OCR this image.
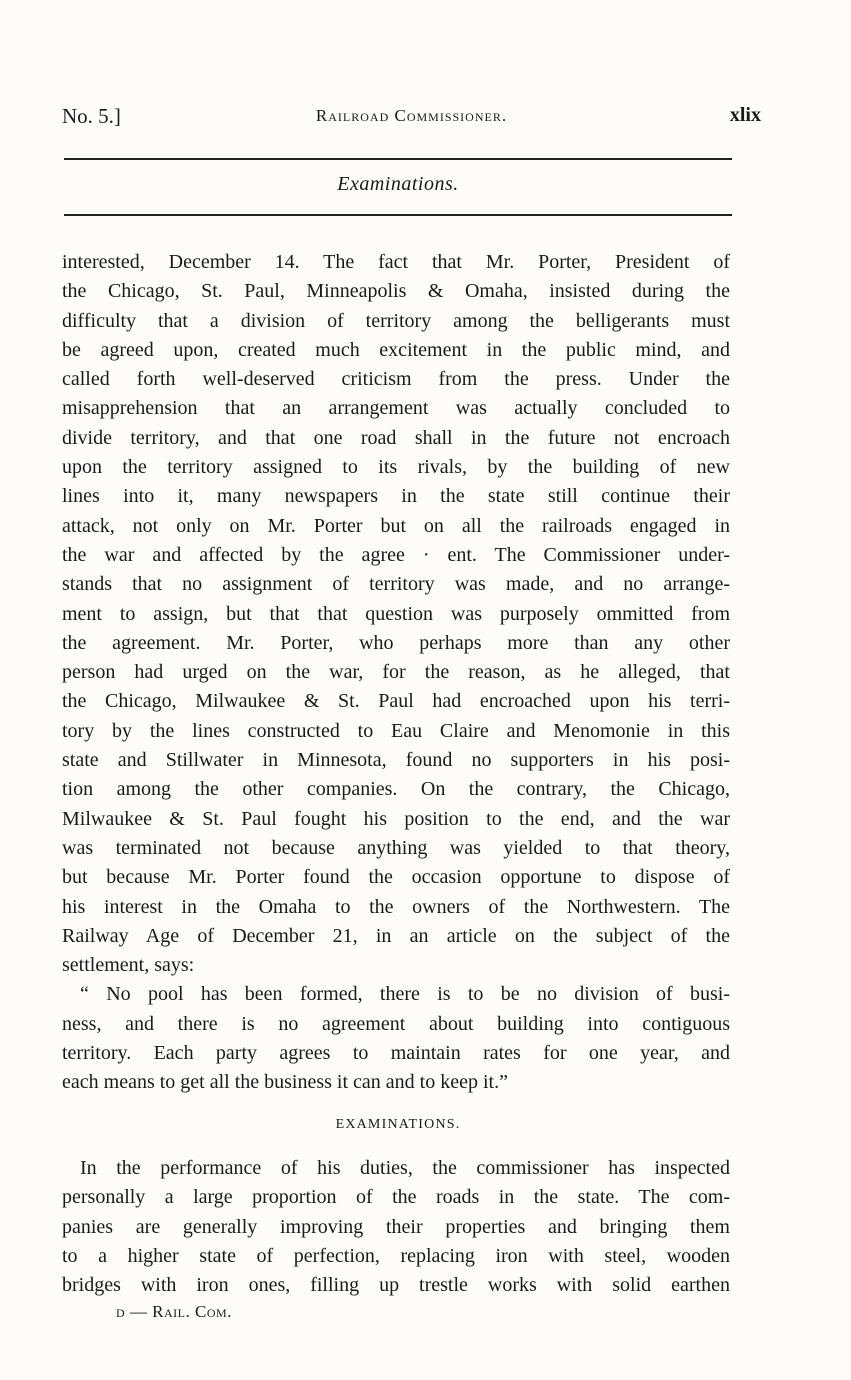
No. 5.]	Railroad Commissioner.	xlix
Examinations.
interested, December 14. The fact that Mr. Porter, President of
the Chicago, St. Paul, Minneapolis & Omaha, insisted during the
difficulty that a division of territory among the belligerants must
be agreed upon, created much excitement in the public mind, and
called forth well-deserved criticism from the press. Under the
misapprehension that an arrangement was actually concluded to
divide territory, and that one road shall in the future not encroach
upon the territory assigned to its rivals, by the building of new
lines into it, many newspapers in the state still continue their
attack, not only on Mr. Porter but on all the railroads engaged in
the war and affected by the agree · ent. The Commissioner under-
stands that no assignment of territory was made, and no arrange-
ment to assign, but that that question was purposely ommitted from
the agreement. Mr. Porter, who perhaps more than any other
person had urged on the war, for the reason, as he alleged, that
the Chicago, Milwaukee & St. Paul had encroached upon his terri-
tory by the lines constructed to Eau Claire and Menomonie in this
state and Stillwater in Minnesota, found no supporters in his posi-
tion among the other companies. On the contrary, the Chicago,
Milwaukee & St. Paul fought his position to the end, and the war
was terminated not because anything was yielded to that theory,
but because Mr. Porter found the occasion opportune to dispose of
his interest in the Omaha to the owners of the Northwestern. The
Railway Age of December 21, in an article on the subject of the
settlement, says:
“ No pool has been formed, there is to be no division of busi-
ness, and there is no agreement about building into contiguous
territory. Each party agrees to maintain rates for one year, and
each means to get all the business it can and to keep it.”
EXAMINATIONS.
In the performance of his duties, the commissioner has inspected
personally a large proportion of the roads in the state. The com-
panies are generally improving their properties and bringing them
to a higher state of perfection, replacing iron with steel, wooden
bridges with iron ones, filling up trestle works with solid earthen
d — Rail. Com.
